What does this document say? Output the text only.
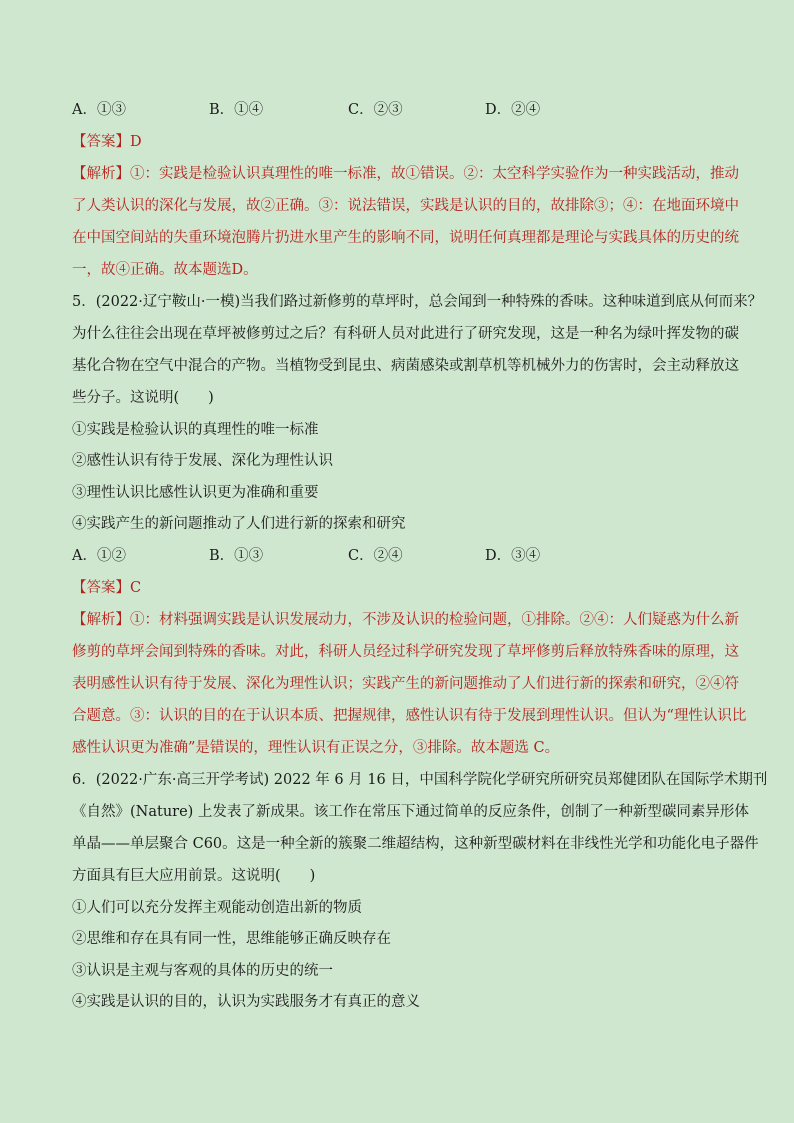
A．①③	B．①④	C．②③	D．②④
【答案】D
【解析】①：实践是检验认识真理性的唯一标准，故①错误。②：太空科学实验作为一种实践活动，推动
了人类认识的深化与发展，故②正确。③：说法错误，实践是认识的目的，故排除③；④：在地面环境中
在中国空间站的失重环境泡腾片扔进水里产生的影响不同，说明任何真理都是理论与实践具体的历史的统
一，故④正确。故本题选D。
5．(2022·辽宁鞍山·一模)当我们路过新修剪的草坪时，总会闻到一种特殊的香味。这种味道到底从何而来？
为什么往往会出现在草坪被修剪过之后？有科研人员对此进行了研究发现，这是一种名为绿叶挥发物的碳
基化合物在空气中混合的产物。当植物受到昆虫、病菌感染或割草机等机械外力的伤害时，会主动释放这
些分子。这说明(　　)
①实践是检验认识的真理性的唯一标准
②感性认识有待于发展、深化为理性认识
③理性认识比感性认识更为准确和重要
④实践产生的新问题推动了人们进行新的探索和研究
A．①②	B．①③	C．②④	D．③④
【答案】C
【解析】①：材料强调实践是认识发展动力，不涉及认识的检验问题，①排除。②④：人们疑惑为什么新
修剪的草坪会闻到特殊的香味。对此，科研人员经过科学研究发现了草坪修剪后释放特殊香味的原理，这
表明感性认识有待于发展、深化为理性认识；实践产生的新问题推动了人们进行新的探索和研究，②④符
合题意。③：认识的目的在于认识本质、把握规律，感性认识有待于发展到理性认识。但认为“理性认识比
感性认识更为准确”是错误的，理性认识有正误之分，③排除。故本题选 C。
6．(2022·广东·高三开学考试) 2022 年 6 月 16 日，中国科学院化学研究所研究员郑健团队在国际学术期刊
《自然》(Nature) 上发表了新成果。该工作在常压下通过简单的反应条件，创制了一种新型碳同素异形体
单晶——单层聚合 C60。这是一种全新的簇聚二维超结构，这种新型碳材料在非线性光学和功能化电子器件
方面具有巨大应用前景。这说明(　　)
①人们可以充分发挥主观能动创造出新的物质
②思维和存在具有同一性，思维能够正确反映存在
③认识是主观与客观的具体的历史的统一
④实践是认识的目的，认识为实践服务才有真正的意义
